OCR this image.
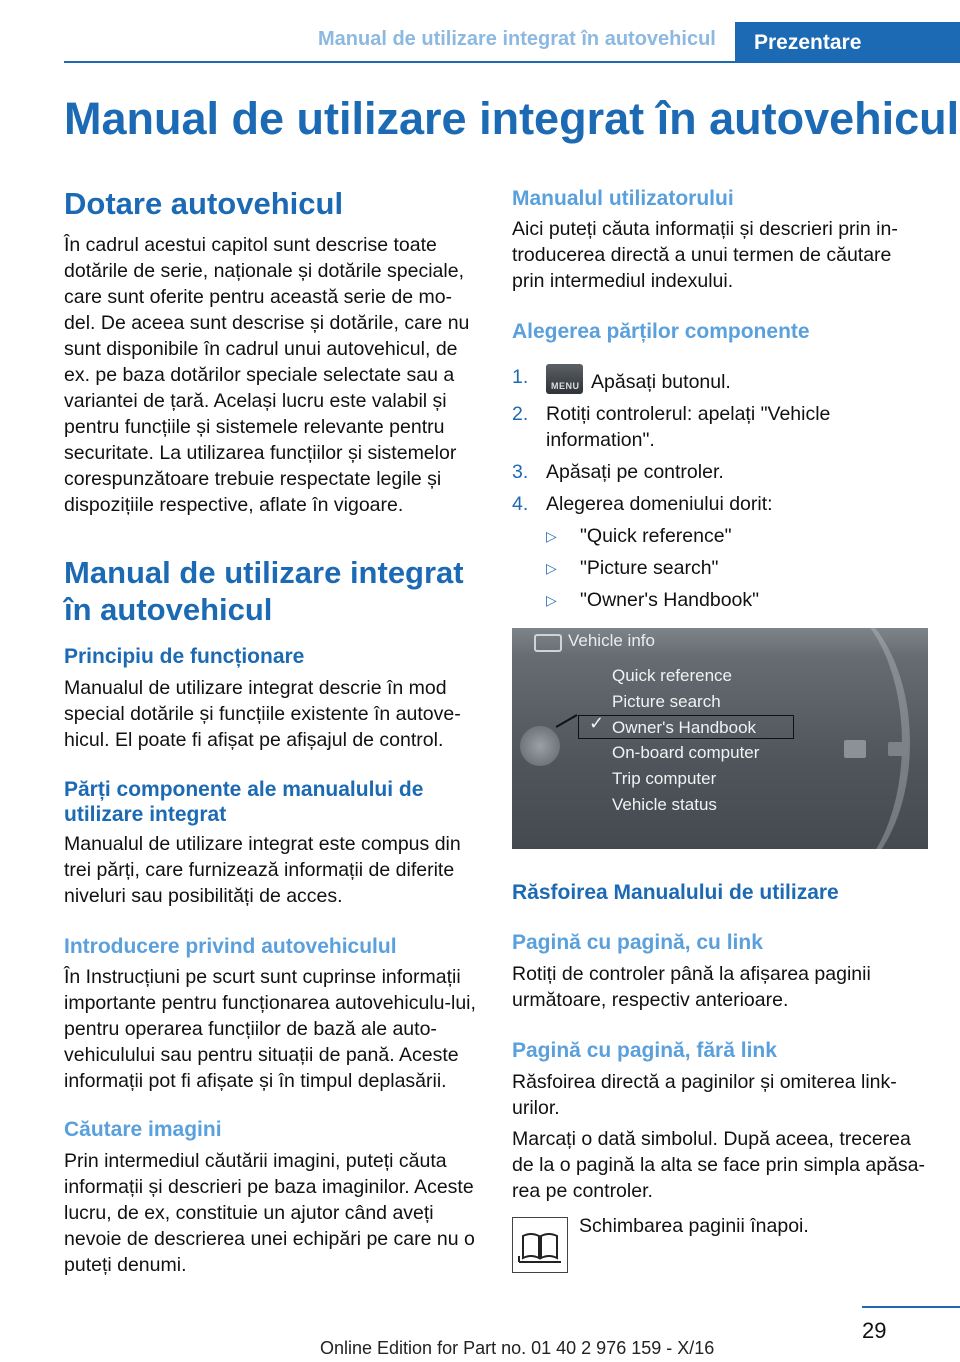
Manual de utilizare integrat în autovehicul Prezentare
Manual de utilizare integrat în autovehicul
Dotare autovehicul
În cadrul acestui capitol sunt descrise toate dotările de serie, naționale și dotările speciale, care sunt oferite pentru această serie de mo-del. De aceea sunt descrise și dotările, care nu sunt disponibile în cadrul unui autovehicul, de ex. pe baza dotărilor speciale selectate sau a variantei de țară. Același lucru este valabil și pentru funcțiile și sistemele relevante pentru securitate. La utilizarea funcțiilor și sistemelor corespunzătoare trebuie respectate legile și dispozițiile respective, aflate în vigoare.
Manual de utilizare integrat
în autovehicul
Principiu de funcționare
Manualul de utilizare integrat descrie în mod special dotările și funcțiile existente în autove-hicul. El poate fi afișat pe afișajul de control.
Părți componente ale manualului de
utilizare integrat
Manualul de utilizare integrat este compus din trei părți, care furnizează informații de diferite niveluri sau posibilități de acces.
Introducere privind autovehiculul
În Instrucțiuni pe scurt sunt cuprinse informații importante pentru funcționarea autovehiculu-lui, pentru operarea funcțiilor de bază ale auto-vehiculului sau pentru situații de pană. Aceste informații pot fi afișate și în timpul deplasării.
Căutare imagini
Prin intermediul căutării imagini, puteți căuta informații și descrieri pe baza imaginilor. Aceste lucru, de ex, constituie un ajutor când aveți nevoie de descrierea unei echipări pe care nu o puteți denumi.
Manualul utilizatorului
Aici puteți căuta informații și descrieri prin in-troducerea directă a unui termen de căutare prin intermediul indexului.
Alegerea părților componente
1.	MENU Apăsați butonul.
2. Rotiți controlerul: apelați "Vehicle information".
3. Apăsați pe controler.
4. Alegerea domeniului dorit:
▷ "Quick reference"
▷ "Picture search"
▷ "Owner's Handbook"
Vehicle info
✓
Quick reference
Picture search
Owner's Handbook
On-board computer
Trip computer
Vehicle status
Răsfoirea Manualului de utilizare
Pagină cu pagină, cu link
Rotiți de controler până la afișarea paginii următoare, respectiv anterioare.
Pagină cu pagină, fără link
Răsfoirea directă a paginilor și omiterea link-urilor.
Marcați o dată simbolul. După aceea, trecerea de la o pagină la alta se face prin simpla apăsa-rea pe controler.
Schimbarea paginii înapoi.
29
Online Edition for Part no. 01 40 2 976 159 - X/16
